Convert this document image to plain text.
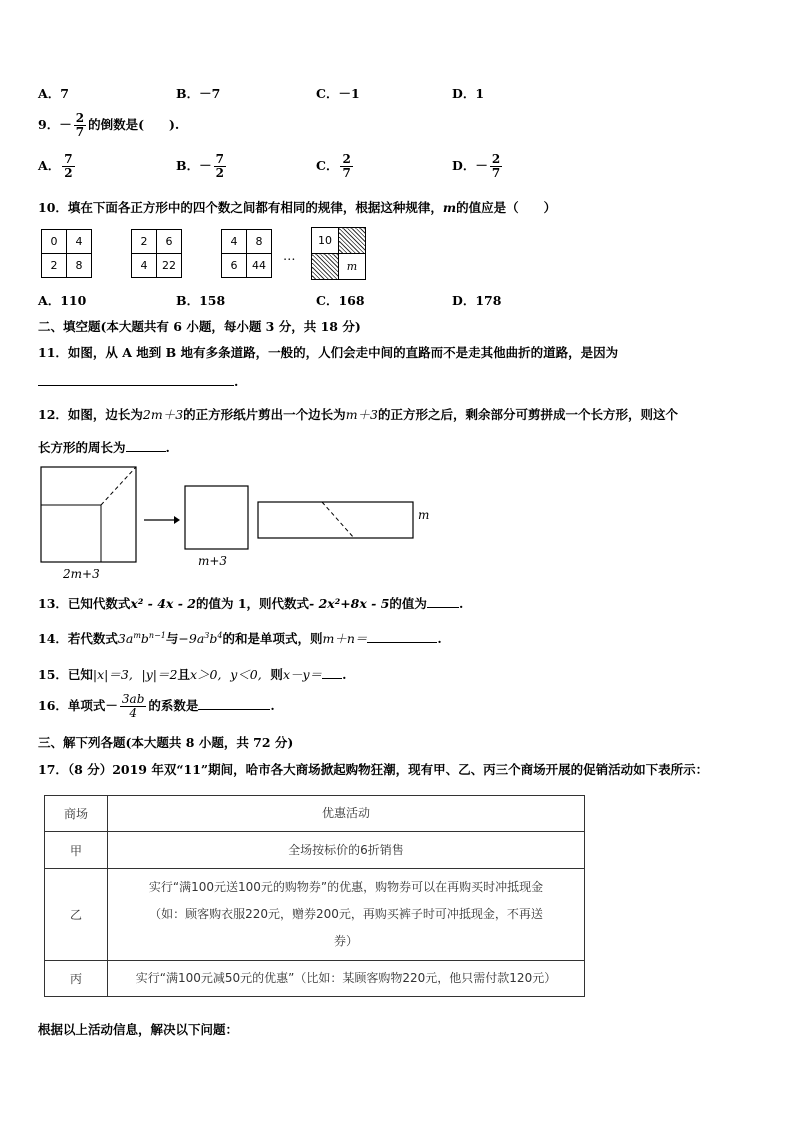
A．7	B．－7	C．－1	D．1
9．－ $\frac{2}{7}$ 的倒数是(　　).
A． $\frac{7}{2}$	B．－ $\frac{7}{2}$	C． $\frac{2}{7}$	D．－ $\frac{2}{7}$
10．填在下面各正方形中的四个数之间都有相同的规律，根据这种规律，m的值应是（　　）
0	4
2	8
2	6
4	22
4	8
6	44
…
10	
	m
A．110	B．158	C．168	D．178
二、填空题(本大题共有 6 小题，每小题 3 分，共 18 分)
11．如图，从 A 地到 B 地有多条道路，一般的，人们会走中间的直路而不是走其他曲折的道路，是因为
.
12．如图，边长为2m＋3的正方形纸片剪出一个边长为m＋3的正方形之后，剩余部分可剪拼成一个长方形，则这个
长方形的周长为	.
2m+3
m+3
m
13．已知代数式x² - 4x - 2的值为 1，则代数式- 2x²+8x - 5的值为	.
14．若代数式$3a^mb^{n-1}$与$-9a^3b^4$的和是单项式，则m＋n＝	.
15．已知|x|＝3, |y|＝2且x＞0, y＜0, 则x－y＝ .
16．单项式－ $\frac{3ab}{4}$ 的系数是	.
三、解下列各题(本大题共 8 小题，共 72 分)
17．（8 分）2019 年双“11”期间，哈市各大商场掀起购物狂潮，现有甲、乙、丙三个商场开展的促销活动如下表所示：
商场	优惠活动
甲	全场按标价的6折销售
乙	实行“满100元送100元的购物券”的优惠，购物券可以在再购买时冲抵现金
（如：顾客购衣服220元，赠券200元，再购买裤子时可冲抵现金，不再送
券）

丙	实行“满100元减50元的优惠”（比如：某顾客购物220元，他只需付款120元）
根据以上活动信息，解决以下问题：
